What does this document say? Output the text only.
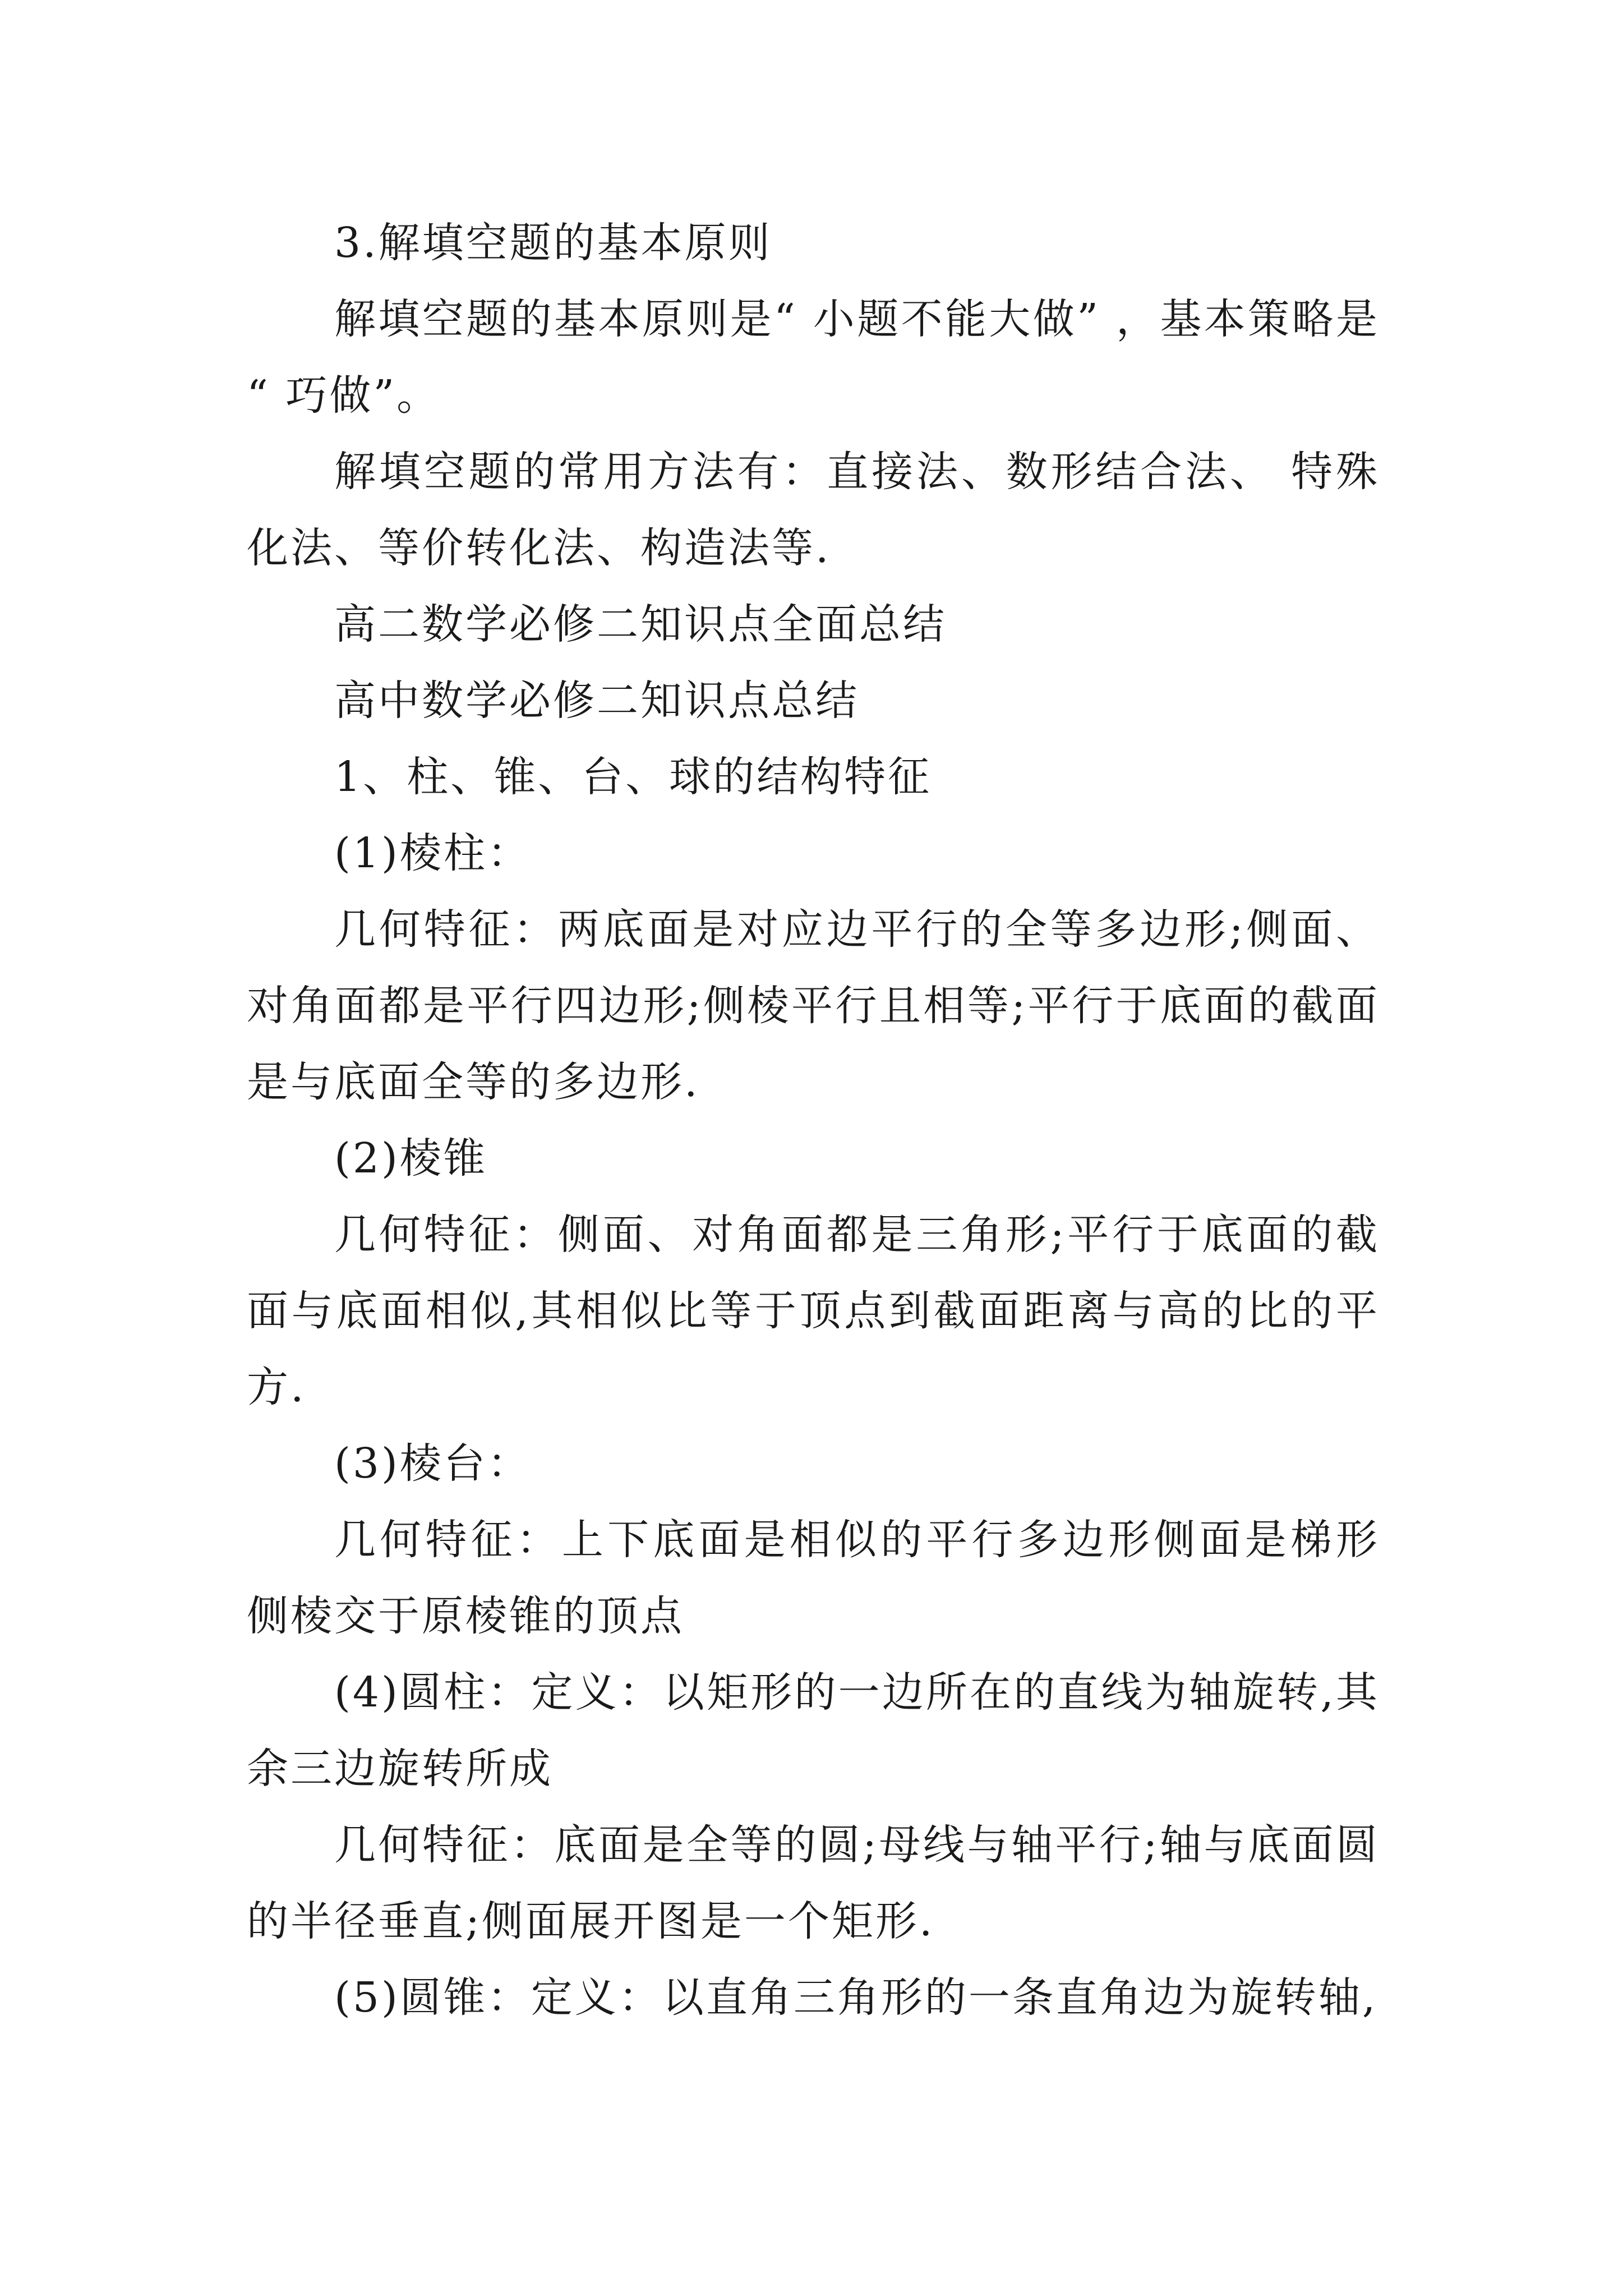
3.解填空题的基本原则

解填空题的基本原则是“ 小题不能大做” ，基本策略是 “ 巧做”。

解填空题的常用方法有：直接法、数形结合法、 特殊化法、等价转化法、构造法等.

高二数学必修二知识点全面总结

高中数学必修二知识点总结

1、柱、锥、台、球的结构特征

(1)棱柱：

几何特征：两底面是对应边平行的全等多边形;侧面、对角面都是平行四边形;侧棱平行且相等;平行于底面的截面是与底面全等的多边形.

(2)棱锥

几何特征：侧面、对角面都是三角形;平行于底面的截面与底面相似,其相似比等于顶点到截面距离与高的比的平方.

(3)棱台：

几何特征：上下底面是相似的平行多边形侧面是梯形侧棱交于原棱锥的顶点

(4)圆柱：定义：以矩形的一边所在的直线为轴旋转,其余三边旋转所成

几何特征：底面是全等的圆;母线与轴平行;轴与底面圆的半径垂直;侧面展开图是一个矩形.

(5)圆锥：定义：以直角三角形的一条直角边为旋转轴,
